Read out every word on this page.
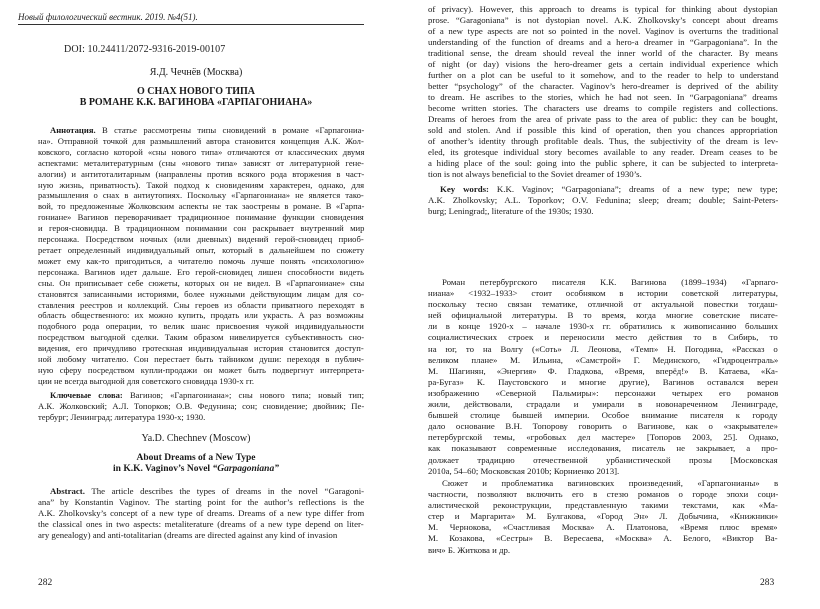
Новый филологический вестник. 2019. №4(51).
DOI: 10.24411/2072-9316-2019-00107
Я.Д. Чечнёв (Москва)
О СНАХ НОВОГО ТИПА
В РОМАНЕ К.К. ВАГИНОВА «ГАРПАГОНИАНА»
Аннотация. В статье рассмотрены типы сновидений в романе «Гарпагониа-
на». Отправной точкой для размышлений автора становится концепция А.К. Жол-
ковского, согласно которой «сны нового типа» отличаются от классических двумя
аспектами: металитературным (сны «нового типа» зависят от литературной гене-
алогии) и антитоталитарным (направлены против всякого рода вторжения в част-
ную жизнь, приватность). Такой подход к сновидениям характерен, однако, для
размышления о снах в антиутопиях. Поскольку «Гарпагониана» не является тако-
вой, то предложенные Жолковским аспекты не так заострены в романе. В «Гарпа-
гониане» Вагинов переворачивает традиционное понимание функции сновидения
и героя-сновидца. В традиционном понимании сон раскрывает внутренний мир
персонажа. Посредством ночных (или дневных) видений герой-сновидец приоб-
ретает определенный индивидуальный опыт, который в дальнейшем по сюжету
может ему как-то пригодиться, а читателю помочь лучше понять «психологию»
персонажа. Вагинов идет дальше. Его герой-сновидец лишен способности видеть
сны. Он приписывает себе сюжеты, которых он не видел. В «Гарпагониане» сны
становятся записанными историями, более нужными действующим лицам для со-
ставления реестров и коллекций. Сны героев из области приватного переходят в
область общественного: их можно купить, продать или украсть. А раз возможны
подобного рода операции, то велик шанс присвоения чужой индивидуальности
посредством выгодной сделки. Таким образом нивелируется субъективность сно-
видения, его причудливо гротескная индивидуальная история становится доступ-
ной любому читателю. Сон перестает быть тайником души: переходя в публич-
ную сферу посредством купли-продажи он может быть подвергнут интерпрета-
ции не всегда выгодной для советского сновидца 1930-х гг.
Ключевые слова: Вагинов; «Гарпагониана»; сны нового типа; новый тип;
А.К. Жолковский; А.Л. Топорков; О.В. Федунина; сон; сновидение; двойник; Пе-
тербург; Ленинград; литература 1930-х; 1930.
Ya.D. Chechnev (Moscow)
About Dreams of a New Type
in K.K. Vaginov’s Novel “Garpagoniana”
Abstract. The article describes the types of dreams in the novel “Garagoni-
ana” by Konstantin Vaginov. The starting point for the author’s reflections is the
A.K. Zholkovsky’s concept of a new type of dreams. Dreams of a new type differ from
the classical ones in two aspects: metaliterature (dreams of a new type depend on liter-
ary genealogy) and anti-totalitarian (dreams are directed against any kind of invasion
282
of privacy). However, this approach to dreams is typical for thinking about dystopian
prose. “Garagoniana” is not dystopian novel. A.K. Zholkovsky’s concept about dreams
of a new type aspects are not so pointed in the novel. Vaginov is overturns the traditional
understanding of the function of dreams and a hero-a dreamer in “Garpagoniana”. In the
traditional sense, the dream should reveal the inner world of the character. By means
of night (or day) visions the hero-dreamer gets a certain individual experience which
further on a plot can be useful to it somehow, and to the reader to help to understand
better “psychology” of the character. Vaginov’s hero-dreamer is deprived of the ability
to dream. He ascribes to the stories, which he had not seen. In “Garpagoniana” dreams
become written stories. The characters use dreams to compile registers and collections.
Dreams of heroes from the area of private pass to the area of public: they can be bought,
sold and stolen. And if possible this kind of operation, then you chances appropriation
of another’s identity through profitable deals. Thus, the subjectivity of the dream is lev-
eled, its grotesque individual story becomes available to any reader. Dream ceases to be
a hiding place of the soul: going into the public sphere, it can be subjected to interpreta-
tion is not always beneficial to the Soviet dreamer of 1930’s.
Key words: K.K. Vaginov; “Garpagoniana”; dreams of a new type; new type;
A.K. Zholkovsky; A.L. Toporkov; O.V. Fedunina; sleep; dream; double; Saint-Peters-
burg; Leningrad;, literature of the 1930s; 1930.
Роман петербургского писателя К.К. Вагинова (1899–1934) «Гарпаго-
ниана» <1932–1933> стоит особняком в истории советской литературы,
поскольку тесно связан тематике, отличной от актуальной повестки тогдаш-
ней официальной литературы. В то время, когда многие советские писате-
ли в конце 1920-х – начале 1930-х гг. обратились к живописанию больших
социалистических строек и переносили место действия то в Сибирь, то
на юг, то на Волгу («Соть» Л. Леонова, «Темп» Н. Погодина, «Рассказ о
великом плане» М. Ильина, «Самстрой» Г. Мединского, «Гидроцентраль»
М. Шагинян, «Энергия» Ф. Гладкова, «Время, вперёд!» В. Катаева, «Ка-
ра-Бугаз» К. Паустовского и многие другие), Вагинов оставался верен
изображению «Северной Пальмиры»: персонажи четырех его романов
жили, действовали, страдали и умирали в новонареченном Ленинграде,
бывшей столице бывшей империи. Особое внимание писателя к городу
дало основание В.Н. Топорову говорить о Вагинове, как о «закрывателе»
петербургской темы, «гробовых дел мастере» [Топоров 2003, 25]. Однако,
как показывают современные исследования, писатель не закрывает, а про-
должает традицию отечественной урбанистической прозы [Московская
2010a, 54–60; Московская 2010b; Корниенко 2013].
Сюжет и проблематика вагиновских произведений, «Гарпагонианы» в
частности, позволяют включить его в стезю романов о городе эпохи соци-
алистической реконструкции, представленную такими текстами, как «Ма-
стер и Маргарита» М. Булгакова, «Город Эн» Л. Добычина, «Книжники»
М. Чернокова, «Счастливая Москва» А. Платонова, «Время плюс время»
М. Козакова, «Сестры» В. Вересаева, «Москва» А. Белого, «Виктор Ва-
вич» Б. Житкова и др.
283
